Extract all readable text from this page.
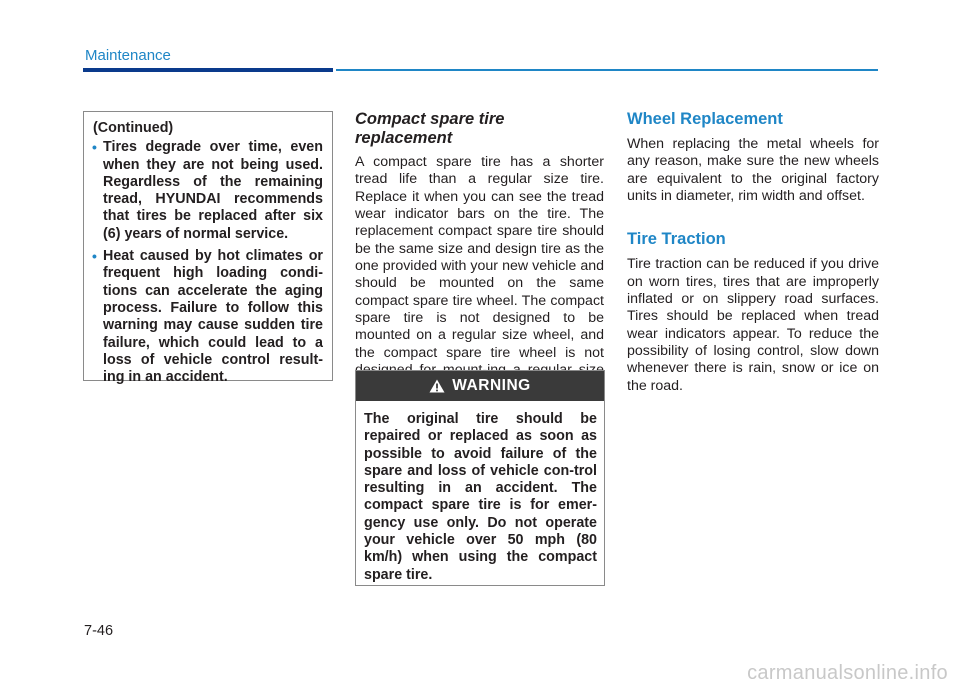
Maintenance
(Continued)
• Tires degrade over time, even when they are not being used. Regardless of the remaining tread, HYUNDAI recommends that tires be replaced after six (6) years of normal service.
• Heat caused by hot climates or frequent high loading condi-tions can accelerate the aging process. Failure to follow this warning may cause sudden tire failure, which could lead to a loss of vehicle control result-ing in an accident.
Compact spare tire replacement

A compact spare tire has a shorter tread life than a regular size tire. Replace it when you can see the tread wear indicator bars on the tire. The replacement compact spare tire should be the same size and design tire as the one provided with your new vehicle and should be mounted on the same compact spare tire wheel. The compact spare tire is not designed to be mounted on a regular size wheel, and the compact spare tire wheel is not

WARNING
The original tire should be repaired or replaced as soon as possible to avoid failure of the spare and loss of vehicle con-trol resulting in an accident. The compact spare tire is for emer-gency use only. Do not operate your vehicle over 50 mph (80 km/h) when using the compact spare tire.
Wheel Replacement

When replacing the metal wheels for any reason, make sure the new wheels are equivalent to the original factory units in diameter, rim width and offset.

Tire Traction

Tire traction can be reduced if you drive on worn tires, tires that are improperly inflated or on slippery road surfaces. Tires should be replaced when tread wear indicators appear. To reduce the possibility of losing control, slow down whenever there is rain, snow or ice on the road.

7-46
carmanualsonline.info
